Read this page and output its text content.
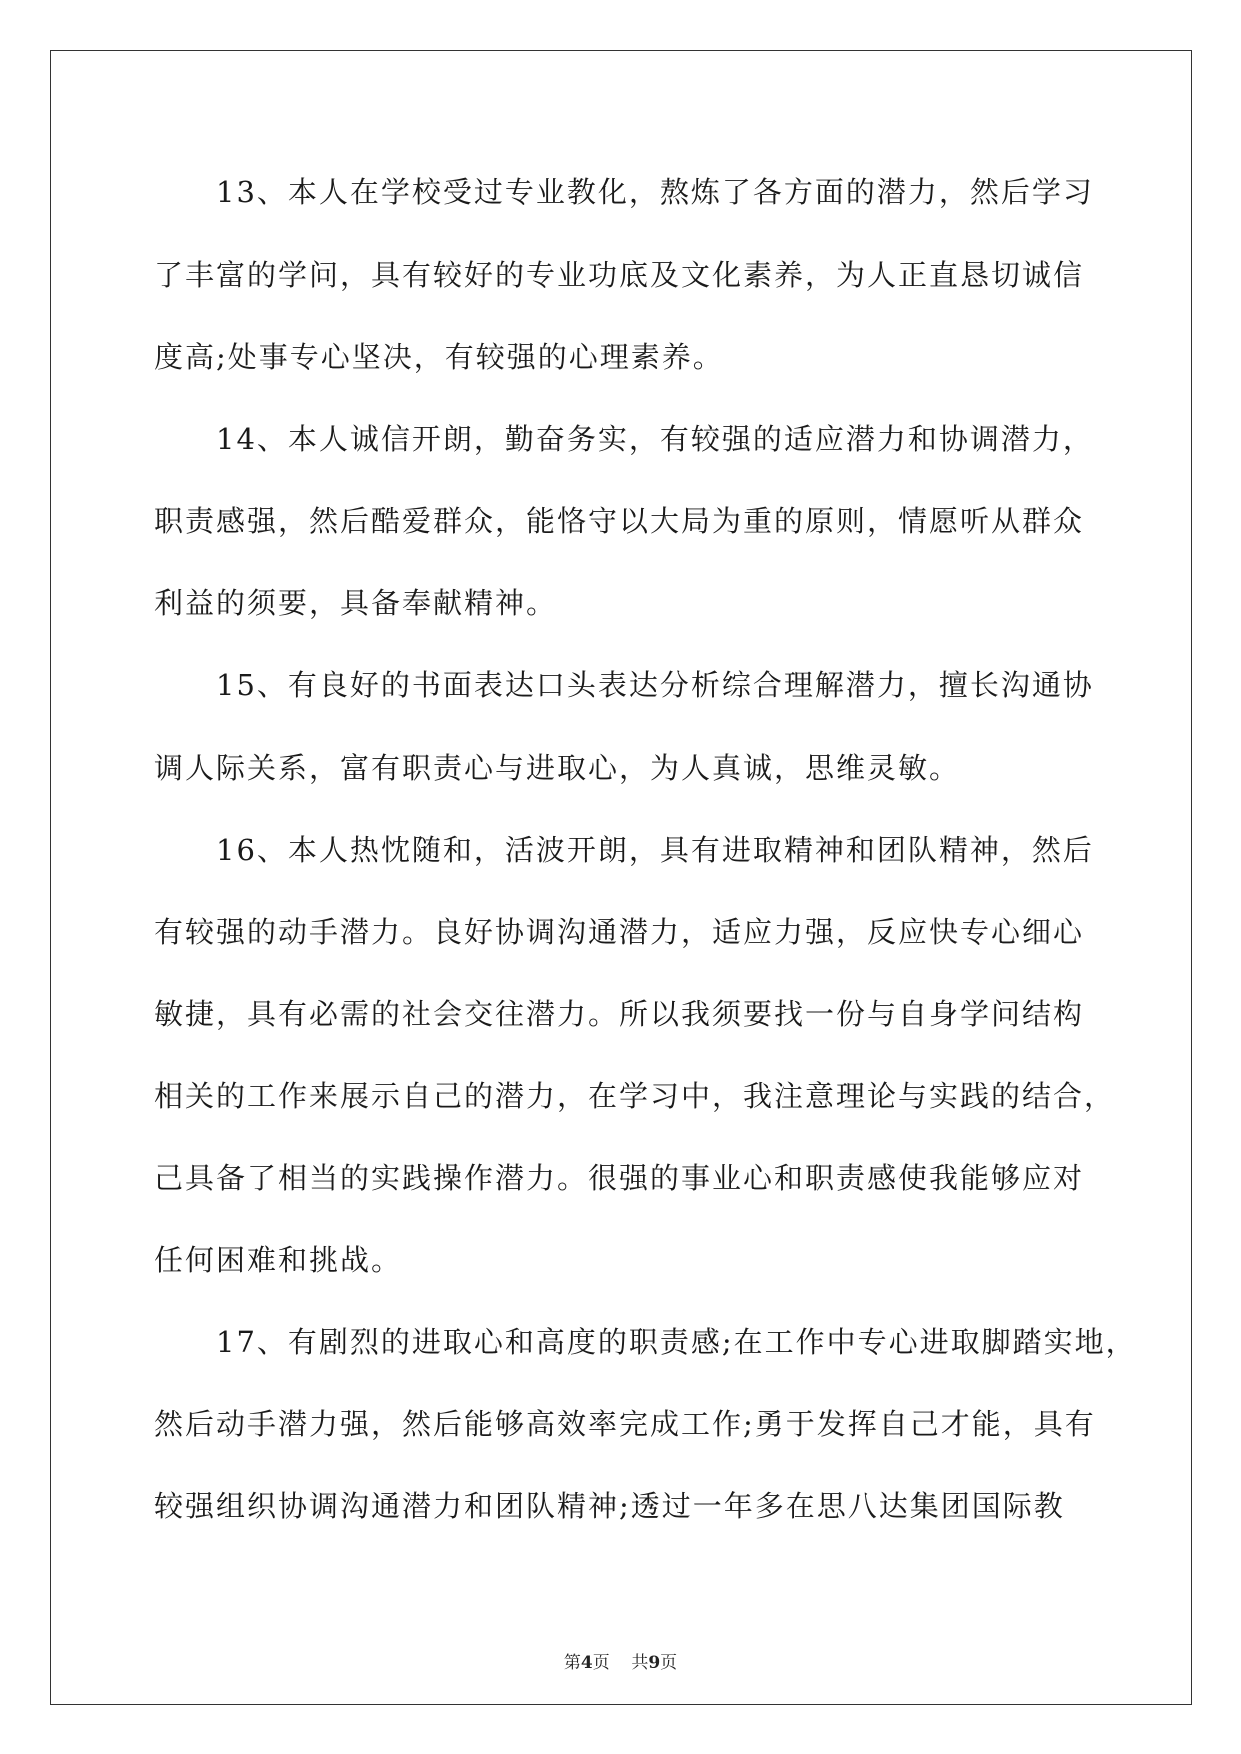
　　13、本人在学校受过专业教化，熬炼了各方面的潜力，然后学习
了丰富的学问，具有较好的专业功底及文化素养，为人正直恳切诚信
度高;处事专心坚决，有较强的心理素养。
　　14、本人诚信开朗，勤奋务实，有较强的适应潜力和协调潜力，
职责感强，然后酷爱群众，能恪守以大局为重的原则，情愿听从群众
利益的须要，具备奉献精神。
　　15、有良好的书面表达口头表达分析综合理解潜力，擅长沟通协
调人际关系，富有职责心与进取心，为人真诚，思维灵敏。
　　16、本人热忱随和，活波开朗，具有进取精神和团队精神，然后
有较强的动手潜力。良好协调沟通潜力，适应力强，反应快专心细心
敏捷，具有必需的社会交往潜力。所以我须要找一份与自身学问结构
相关的工作来展示自己的潜力，在学习中，我注意理论与实践的结合，
己具备了相当的实践操作潜力。很强的事业心和职责感使我能够应对
任何困难和挑战。
　　17、有剧烈的进取心和高度的职责感;在工作中专心进取脚踏实地，
然后动手潜力强，然后能够高效率完成工作;勇于发挥自己才能，具有
较强组织协调沟通潜力和团队精神;透过一年多在思八达集团国际教
第4页 共9页
